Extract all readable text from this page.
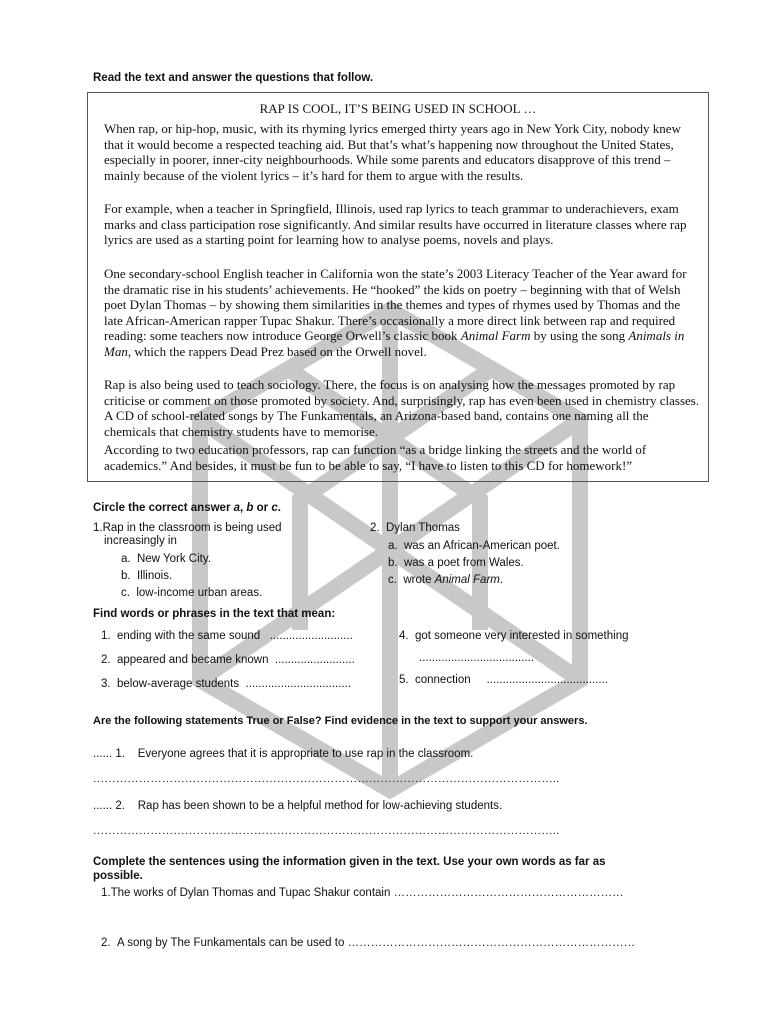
Read the text and answer the questions that follow.
RAP IS COOL, IT’S BEING USED IN SCHOOL …

When rap, or hip-hop, music, with its rhyming lyrics emerged thirty years ago in New York City, nobody knew that it would become a respected teaching aid. But that’s what’s happening now throughout the United States, especially in poorer, inner-city neighbourhoods. While some parents and educators disapprove of this trend – mainly because of the violent lyrics – it’s hard for them to argue with the results.

For example, when a teacher in Springfield, Illinois, used rap lyrics to teach grammar to underachievers, exam marks and class participation rose significantly. And similar results have occurred in literature classes where rap lyrics are used as a starting point for learning how to analyse poems, novels and plays.

One secondary-school English teacher in California won the state’s 2003 Literacy Teacher of the Year award for the dramatic rise in his students’ achievements. He “hooked” the kids on poetry – beginning with that of Welsh poet Dylan Thomas – by showing them similarities in the themes and types of rhymes used by Thomas and the late African-American rapper Tupac Shakur. There’s occasionally a more direct link between rap and required reading: some teachers now introduce George Orwell’s classic book Animal Farm by using the song Animals in Man, which the rappers Dead Prez based on the Orwell novel.

Rap is also being used to teach sociology. There, the focus is on analysing how the messages promoted by rap criticise or comment on those promoted by society. And, surprisingly, rap has even been used in chemistry classes. A CD of school-related songs by The Funkamentals, an Arizona-based band, contains one naming all the chemicals that chemistry students have to memorise.

According to two education professors, rap can function “as a bridge linking the streets and the world of academics.” And besides, it must be fun to be able to say, “I have to listen to this CD for homework!”

Circle the correct answer a, b or c.
1.Rap in the classroom is being used
increasingly in
a. New York City.
b. Illinois.
c. low-income urban areas.
2. Dylan Thomas
a. was an African-American poet.
b. was a poet from Wales.
c. wrote Animal Farm.
Find words or phrases in the text that mean:
1. ending with the same sound ..........................
2. appeared and became known .........................
3. below-average students .................................
4. got someone very interested in something
....................................
5. connection ......................................
Are the following statements True or False? Find evidence in the text to support your answers.
...... 1. Everyone agrees that it is appropriate to use rap in the classroom.
…………………………………………………………………………………………………………..
...... 2. Rap has been shown to be a helpful method for low-achieving students.
…………………………………………………………………………………………………………..
Complete the sentences using the information given in the text. Use your own words as far as
possible.
1.The works of Dylan Thomas and Tupac Shakur contain ……………………………………………………
2. A song by The Funkamentals can be used to …………………………………………………………………
